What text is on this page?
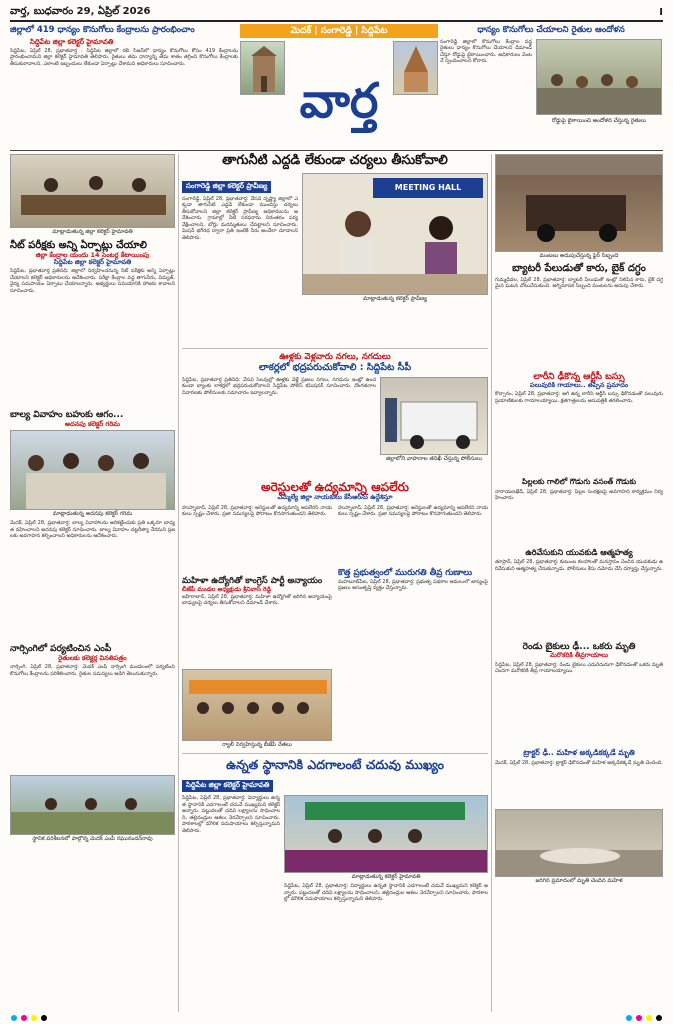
వార్త, బుధవారం 29, ఏప్రిల్ 2026	I
జిల్లాలో 419 ధాన్యం కొనుగోలు కేంద్రాలను ప్రారంభించాం
సిద్దిపేట జిల్లా కలెక్టర్ హైమావతి
సిద్దిపేట, ఏప్రిల్ 28, ప్రభాతవార్త : సిద్దిపేట జిల్లాలో రబీ సీజన్‌లో ధాన్యం కొనుగోలు కోసం 419 కేంద్రాలను ప్రారంభించామని జిల్లా కలెక్టర్ హైమావతి తెలిపారు. రైతులు తమ ధాన్యాన్ని తేమ శాతం తగ్గించి కొనుగోలు కేంద్రాలకు తీసుకురావాలని, ఎలాంటి ఇబ్బందులు లేకుండా ఏర్పాట్లు చేశామని అధికారులు సూచించారు.
మెదక్ | సంగారెడ్డి | సిద్దిపేట
వార్త
ధాన్యం కొనుగోలు చేయాలని రైతుల ఆందోళన
సంగారెడ్డి జిల్లాలో కొనుగోలు కేంద్రాల వద్ద రైతులు ధాన్యం కొనుగోలు చేయాలని డిమాండ్ చేస్తూ రోడ్డుపై బైఠాయించారు. అధికారులు వెంటనే స్పందించాలని కోరారు.
రోడ్డుపై బైఠాయించి ఆందోళన చేస్తున్న రైతులు
మాట్లాడుతున్న జిల్లా కలెక్టర్ హైమావతి
నీట్ పరీక్షకు అన్ని ఏర్పాట్లు చేయాలి
జిల్లా కేంద్రాల యందు 14 సెంటర్ల కేటాయింపు
సిద్దిపేట జిల్లా కలెక్టర్ హైమావతి
సిద్దిపేట, ప్రభాతవార్త ప్రతినిధి: జిల్లాలో నిర్వహించనున్న నీట్ పరీక్షకు అన్ని ఏర్పాట్లు చేయాలని కలెక్టర్ అధికారులను ఆదేశించారు. పరీక్షా కేంద్రాల వద్ద తాగునీరు, విద్యుత్, వైద్య సదుపాయం ఏర్పాటు చేయాలన్నారు. అభ్యర్థులు సమయానికి హాజరు కావాలని సూచించారు.
బాల్య వివాహం బహుకు ఆగం...
అదనపు కలెక్టర్ గరిమ
మాట్లాడుతున్న అదనపు కలెక్టర్ గరిమ
మెదక్, ఏప్రిల్ 28, ప్రభాతవార్త: బాల్య వివాహాలను అరికట్టేందుకు ప్రతి ఒక్కరూ బాధ్యత వహించాలని అదనపు కలెక్టర్ సూచించారు. బాల్య వివాహం చట్టరీత్యా నేరమని ప్రజలకు అవగాహన కల్పించాలని అధికారులను ఆదేశించారు.
నార్సింగిలో పర్యటించిన ఎంపీ
రైతులకు కలెక్టర్ల వినతిపత్రం
నార్సింగి, ఏప్రిల్ 28, ప్రభాతవార్త: మెదక్ ఎంపీ నార్సింగి మండలంలో పర్యటించి కొనుగోలు కేంద్రాలను పరిశీలించారు. రైతుల సమస్యలు అడిగి తెలుసుకున్నారు.
స్థానిక పరిశీలనలో పాల్గొన్న మెదక్ ఎంపీ రఘునందన్‌రావు
తాగునీటి ఎద్దడి లేకుండా చర్యలు తీసుకోవాలి
సంగారెడ్డి జిల్లా కలెక్టర్ ప్రావీణ్య
సంగారెడ్డి, ఏప్రిల్ 28, ప్రభాతవార్త: వేసవి దృష్ట్యా జిల్లాలో ఎక్కడా తాగునీటి ఎద్దడి లేకుండా ముందస్తు చర్యలు తీసుకోవాలని జిల్లా కలెక్టర్ ప్రావీణ్య అధికారులను ఆదేశించారు. గ్రామాల్లో నీటి సరఫరాను నిరంతరం పర్యవేక్షించాలని, బోర్లు మరమ్మతులు చేపట్టాలని సూచించారు. మిషన్ భగీరథ ద్వారా ప్రతి ఇంటికి నీరు అందేలా చూడాలని తెలిపారు.
MEETING HALL
మాట్లాడుతున్న కలెక్టర్ ప్రావీణ్య
ఊళ్లకు వెళ్లవారు నగలు, నగదులు
లాకర్లలో భద్రపరుచుకోవాలి : సిద్దిపేట సీపీ
సిద్దిపేట, ప్రభాతవార్త ప్రతినిధి: వేసవి సెలవుల్లో ఊళ్లకు వెళ్లే ప్రజలు నగలు, నగదును ఇంట్లో ఉంచకుండా బ్యాంకు లాకర్లలో భద్రపరుచుకోవాలని సిద్దిపేట పోలీస్ కమిషనర్ సూచించారు. దొంగతనాల నివారణకు పోలీసులకు సమాచారం ఇవ్వాలన్నారు.
జిల్లాలోని వాహనాల తనిఖీ చేస్తున్న పోలీసులు
అరెస్టులతో ఉద్యమాన్ని ఆపలేరు
ఎమ్మెల్యే జిల్లా నాయకులు కేసీఆర్‌ను ఉద్దేశిస్తూ
హుస్నాబాద్, ఏప్రిల్ 28, ప్రభాతవార్త: అరెస్టులతో ఉద్యమాన్ని ఆపలేరని నాయకులు స్పష్టం చేశారు. ప్రజా సమస్యలపై పోరాటం కొనసాగుతుందని తెలిపారు.
మహిళా ఉద్యోగితో కాంగ్రెస్ పార్టీ అన్యాయం
బీజేపీ మండల అధ్యక్షుడు శ్రీనివాస్ రెడ్డి
జహీరాబాద్, ఏప్రిల్ 28, ప్రభాతవార్త: మహిళా ఉద్యోగితో జరిగిన అన్యాయంపై బాధ్యులపై చర్యలు తీసుకోవాలని డిమాండ్ చేశారు.
హుస్నాబాద్, ఏప్రిల్ 28, ప్రభాతవార్త: అరెస్టులతో ఉద్యమాన్ని ఆపలేరని నాయకులు స్పష్టం చేశారు. ప్రజా సమస్యలపై పోరాటం కొనసాగుతుందని తెలిపారు.
కొత్త ప్రభుత్వంలో మురుగతి తీవ్ర గుణాలు
మహబూబ్‌పేట, ఏప్రిల్ 28, ప్రభాతవార్త: ప్రభుత్వ పథకాల అమలులో జాప్యంపై ప్రజలు అసంతృప్తి వ్యక్తం చేస్తున్నారు.
ర్యాలీ నిర్వహిస్తున్న బీజేపీ నేతలు
ఉన్నత స్థానానికి ఎదగాలంటే చదువు ముఖ్యం
సిద్దిపేట జిల్లా కలెక్టర్ హైమావతి
సిద్దిపేట, ఏప్రిల్ 28, ప్రభాతవార్త: విద్యార్థులు ఉన్నత స్థానానికి ఎదగాలంటే చదువే ముఖ్యమని కలెక్టర్ అన్నారు. పట్టుదలతో చదివి లక్ష్యాలను సాధించాలని, తల్లిదండ్రుల ఆశలు నెరవేర్చాలని సూచించారు. పాఠశాలల్లో మౌలిక సదుపాయాలు కల్పిస్తున్నామని తెలిపారు.
మాట్లాడుతున్న కలెక్టర్ హైమావతి
సిద్దిపేట, ఏప్రిల్ 28, ప్రభాతవార్త: విద్యార్థులు ఉన్నత స్థానానికి ఎదగాలంటే చదువే ముఖ్యమని కలెక్టర్ అన్నారు. పట్టుదలతో చదివి లక్ష్యాలను సాధించాలని, తల్లిదండ్రుల ఆశలు నెరవేర్చాలని సూచించారు. పాఠశాలల్లో మౌలిక సదుపాయాలు కల్పిస్తున్నామని తెలిపారు.
మంటలు అదుపుచేస్తున్న ఫైర్ సిబ్బంది
బ్యాటరీ పేలుడుతో కారు, బైక్ దగ్ధం
గుమ్మడిదల, ఏప్రిల్ 28, ప్రభాతవార్త: బ్యాటరీ పేలుడుతో ఇంట్లో నిలిపిన కారు, బైక్ దగ్ధమైన ఘటన చోటుచేసుకుంది. అగ్నిమాపక సిబ్బంది మంటలను అదుపు చేశారు.
లారీని ఢీకొన్న ఆర్టీసీ బస్సు
పలువురికి గాయాలు.. తప్పిన ప్రమాదం
కొల్చారం, ఏప్రిల్ 28, ప్రభాతవార్త: ఆగి ఉన్న లారీని ఆర్టీసీ బస్సు ఢీకొనడంతో పలువురు ప్రయాణికులకు గాయాలయ్యాయి. క్షతగాత్రులను ఆసుపత్రికి తరలించారు.
పిల్లలకు గాలిలో గొడుగు వసంత్ గౌడుకు
నారాయణఖేడ్, ఏప్రిల్ 28, ప్రభాతవార్త: పిల్లల సంరక్షణపై అవగాహన కార్యక్రమం నిర్వహించారు.
ఉరివేసుకుని యువకుడి ఆత్మహత్య
తూప్రాన్, ఏప్రిల్ 28, ప్రభాతవార్త: కుటుంబ కలహాలతో మనస్తాపం చెందిన యువకుడు ఉరివేసుకుని ఆత్మహత్య చేసుకున్నాడు. పోలీసులు కేసు నమోదు చేసి దర్యాప్తు చేస్తున్నారు.
రెండు బైకులు ఢీ... ఒకరు మృతి
మరొకరికి తీవ్రగాయాలు
సిద్దిపేట, ఏప్రిల్ 28, ప్రభాతవార్త: రెండు బైకులు ఎదురెదురుగా ఢీకొనడంతో ఒకరు మృతి చెందగా మరొకరికి తీవ్ర గాయాలయ్యాయి.
ట్రాక్టర్ ఢీ.. మహిళ అక్కడికక్కడే మృతి
మెదక్, ఏప్రిల్ 28, ప్రభాతవార్త: ట్రాక్టర్ ఢీకొనడంతో మహిళ అక్కడికక్కడే మృతి చెందింది.
జరిగిన ప్రమాదంలో మృతి చెందిన మహిళ
